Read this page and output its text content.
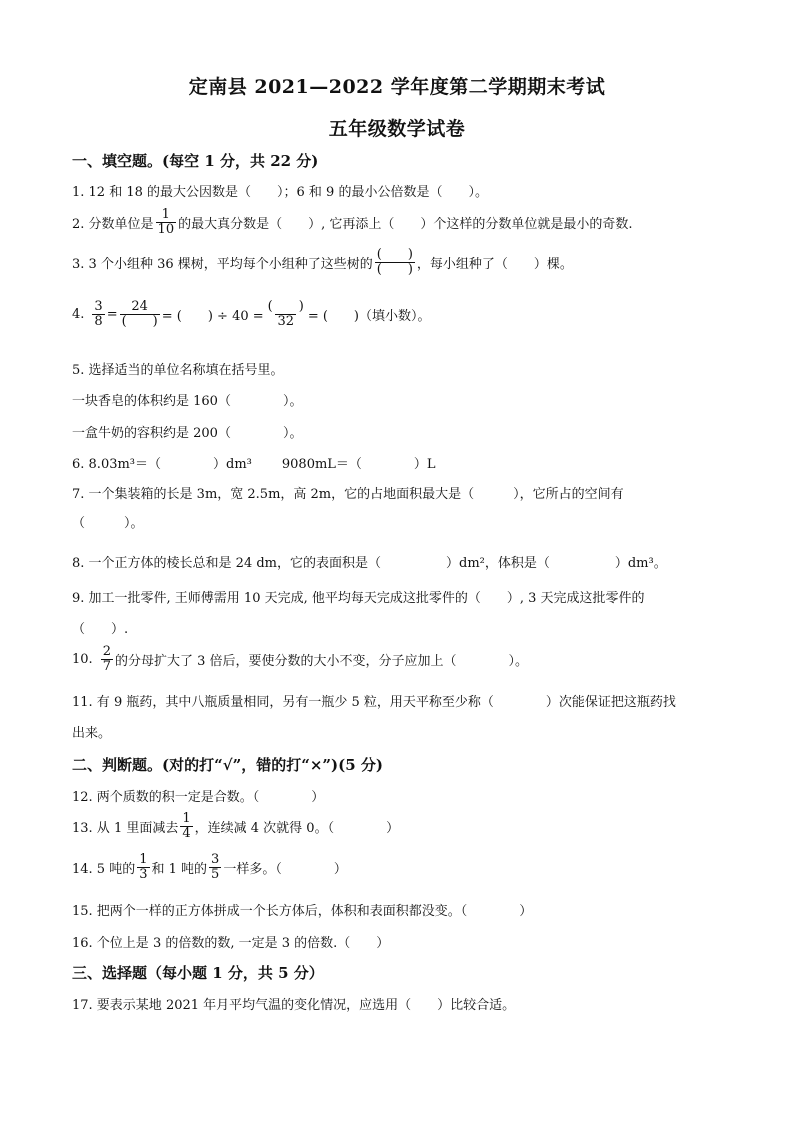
定南县 2021—2022 学年度第二学期期末考试
五年级数学试卷
一、填空题。(每空 1 分，共 22 分)
1. 12 和 18 的最大公因数是（　　）；6 和 9 的最小公倍数是（　　）。
2. 分数单位是 $\frac{1}{10}$ 的最大真分数是（　　）, 它再添上（　　）个这样的分数单位就是最小的奇数.
3. 3 个小组种 36 棵树，平均每个小组种了这些树的 $\frac{( )}{( )}$ ，每小组种了（　　）棵。
4. $\frac{3}{8} = \frac{24}{( )}$ = (　　) ÷ $40 = \frac{( )}{32}$ = (　　)（填小数）。
5. 选择适当的单位名称填在括号里。
一块香皂的体积约是 160（　　　　）。
一盒牛奶的容积约是 200（　　　　）。
6. 8.03m³＝（　　　　）dm³ 9080mL＝（　　　　）L
7. 一个集装箱的长是 3m，宽 2.5m，高 2m，它的占地面积最大是（　　　），它所占的空间有
（　　　）。
8. 一个正方体的棱长总和是 24 dm，它的表面积是（　　　　　）dm²，体积是（　　　　　）dm³。
9. 加工一批零件, 王师傅需用 10 天完成, 他平均每天完成这批零件的（　　）, 3 天完成这批零件的
（　　）.
10. $\frac{2}{7}$ 的分母扩大了 3 倍后，要使分数的大小不变，分子应加上（　　　　）。
11. 有 9 瓶药，其中八瓶质量相同，另有一瓶少 5 粒，用天平称至少称（　　　　）次能保证把这瓶药找
出来。
二、判断题。(对的打“√”，错的打“×”)(5 分)
12. 两个质数的积一定是合数。（　　　　）
13. 从 1 里面减去 $\frac{1}{4}$ ，连续减 4 次就得 0。（　　　　）
14. 5 吨的 $\frac{1}{3}$ 和 1 吨的 $\frac{3}{5}$ 一样多。（　　　　）
15. 把两个一样的正方体拼成一个长方体后，体积和表面积都没变。（　　　　）
16. 个位上是 3 的倍数的数, 一定是 3 的倍数.（　　）
三、选择题（每小题 1 分，共 5 分）
17. 要表示某地 2021 年月平均气温的变化情况，应选用（　　）比较合适。
